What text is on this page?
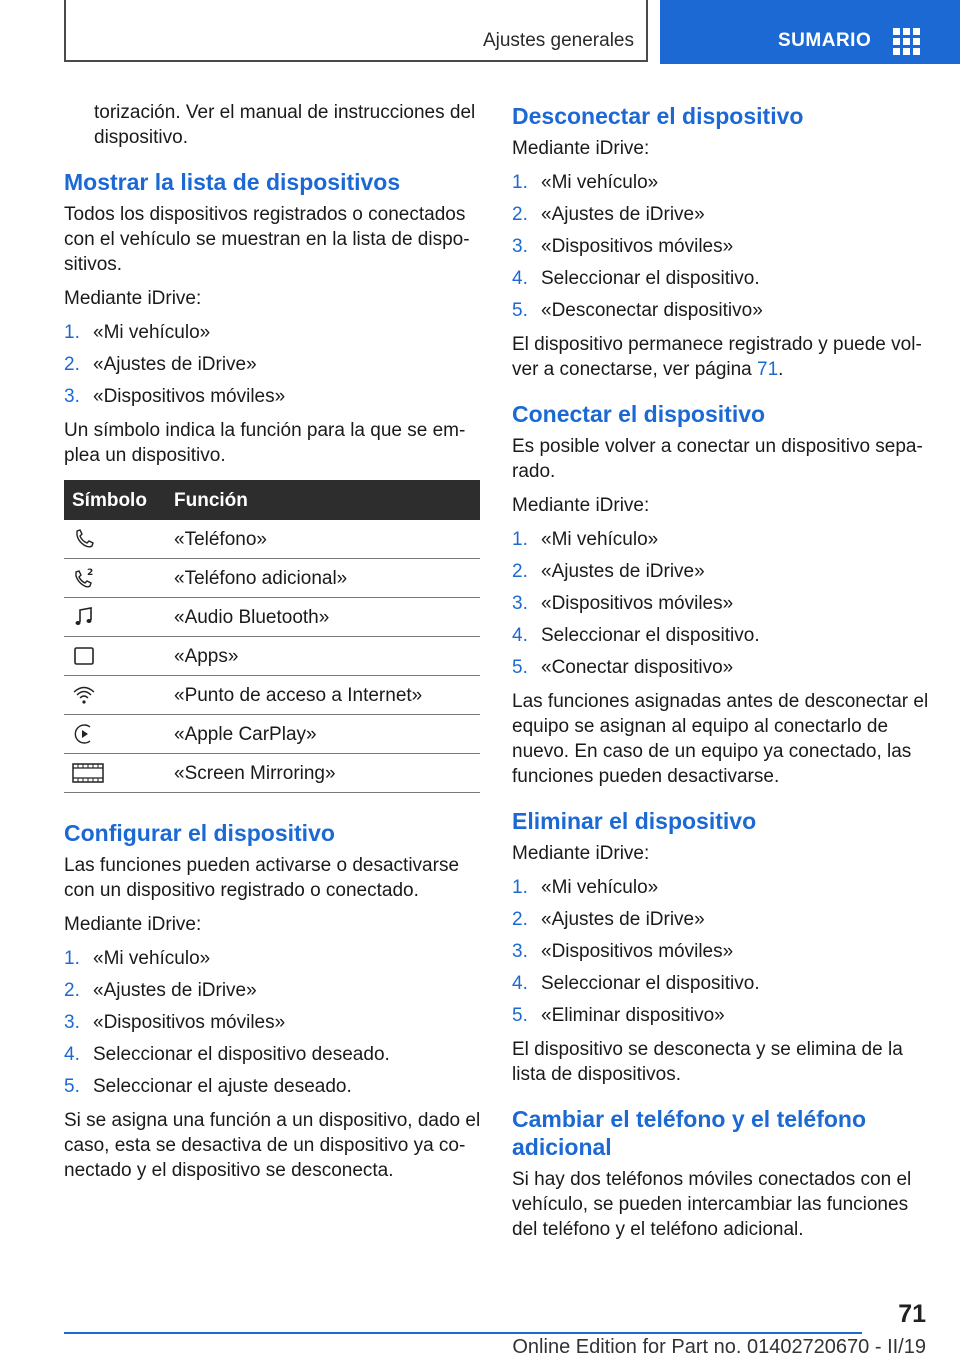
Ajustes generales	SUMARIO

torización. Ver el manual de instrucciones del dispositivo.

Mostrar la lista de dispositivos

Todos los dispositivos registrados o conectados con el vehículo se muestran en la lista de dispositivos.

Mediante iDrive:

1. «Mi vehículo»
2. «Ajustes de iDrive»
3. «Dispositivos móviles»

Un símbolo indica la función para la que se emplea un dispositivo.

Símbolo	Función

	«Teléfono»

2	«Teléfono adicional»

	«Audio Bluetooth»

	«Apps»

	«Punto de acceso a Internet»

	«Apple CarPlay»

	«Screen Mirroring»
Configurar el dispositivo

Las funciones pueden activarse o desactivarse con un dispositivo registrado o conectado.

Mediante iDrive:

1. «Mi vehículo»
2. «Ajustes de iDrive»
3. «Dispositivos móviles»
4. Seleccionar el dispositivo deseado.
5. Seleccionar el ajuste deseado.

Si se asigna una función a un dispositivo, dado el caso, esta se desactiva de un dispositivo ya conectado y el dispositivo se desconecta.

Desconectar el dispositivo

Mediante iDrive:

1. «Mi vehículo»
2. «Ajustes de iDrive»
3. «Dispositivos móviles»
4. Seleccionar el dispositivo.
5. «Desconectar dispositivo»

El dispositivo permanece registrado y puede volver a conectarse, ver página 71.

Conectar el dispositivo

Es posible volver a conectar un dispositivo separado.

Mediante iDrive:

1. «Mi vehículo»
2. «Ajustes de iDrive»
3. «Dispositivos móviles»
4. Seleccionar el dispositivo.
5. «Conectar dispositivo»

Las funciones asignadas antes de desconectar el equipo se asignan al equipo al conectarlo de nuevo. En caso de un equipo ya conectado, las funciones pueden desactivarse.

Eliminar el dispositivo

Mediante iDrive:

1. «Mi vehículo»
2. «Ajustes de iDrive»
3. «Dispositivos móviles»
4. Seleccionar el dispositivo.
5. «Eliminar dispositivo»

El dispositivo se desconecta y se elimina de la lista de dispositivos.

Cambiar el teléfono y el teléfono adicional

Si hay dos teléfonos móviles conectados con el vehículo, se pueden intercambiar las funciones del teléfono y el teléfono adicional.

71
Online Edition for Part no. 01402720670 - II/19
